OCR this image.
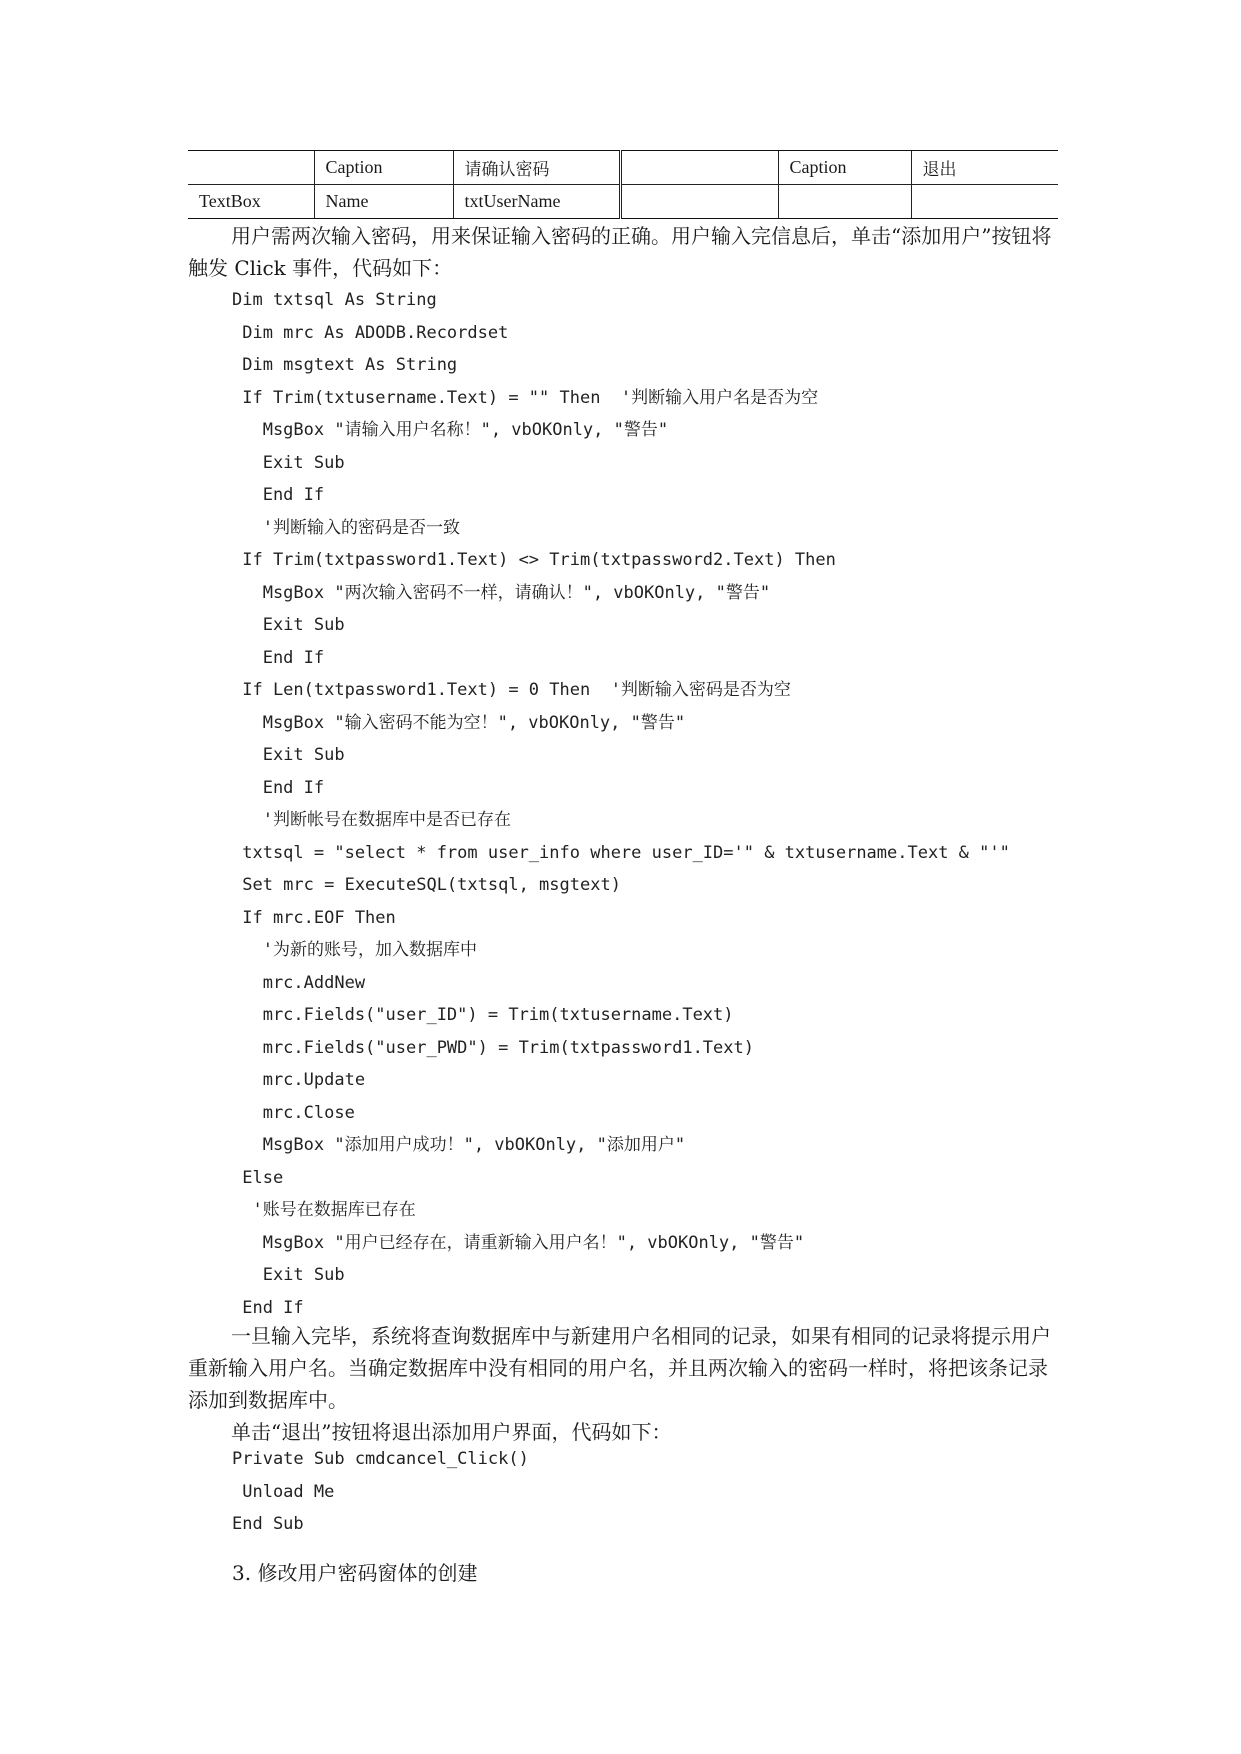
	Caption	请确认密码		Caption	退出
TextBox	Name	txtUserName			

用户需两次输入密码，用来保证输入密码的正确。用户输入完信息后，单击“添加用户”按钮将触发 Click 事件，代码如下：

Dim txtsql As String
Dim mrc As ADODB.Recordset
Dim msgtext As String
If Trim(txtusername.Text) = "" Then  '判断输入用户名是否为空
MsgBox "请输入用户名称！", vbOKOnly, "警告"
Exit Sub
End If
'判断输入的密码是否一致
If Trim(txtpassword1.Text) <> Trim(txtpassword2.Text) Then
MsgBox "两次输入密码不一样，请确认！", vbOKOnly, "警告"
Exit Sub
End If
If Len(txtpassword1.Text) = 0 Then  '判断输入密码是否为空
MsgBox "输入密码不能为空！", vbOKOnly, "警告"
Exit Sub
End If
'判断帐号在数据库中是否已存在
txtsql = "select * from user_info where user_ID='" & txtusername.Text & "'"
Set mrc = ExecuteSQL(txtsql, msgtext)
If mrc.EOF Then
'为新的账号，加入数据库中
mrc.AddNew
mrc.Fields("user_ID") = Trim(txtusername.Text)
mrc.Fields("user_PWD") = Trim(txtpassword1.Text)
mrc.Update
mrc.Close
MsgBox "添加用户成功！", vbOKOnly, "添加用户"
Else
'账号在数据库已存在
MsgBox "用户已经存在，请重新输入用户名！", vbOKOnly, "警告"
Exit Sub
End If

一旦输入完毕，系统将查询数据库中与新建用户名相同的记录，如果有相同的记录将提示用户重新输入用户名。当确定数据库中没有相同的用户名，并且两次输入的密码一样时，将把该条记录添加到数据库中。

单击“退出”按钮将退出添加用户界面，代码如下：

Private Sub cmdcancel_Click()
Unload Me
End Sub

3. 修改用户密码窗体的创建
